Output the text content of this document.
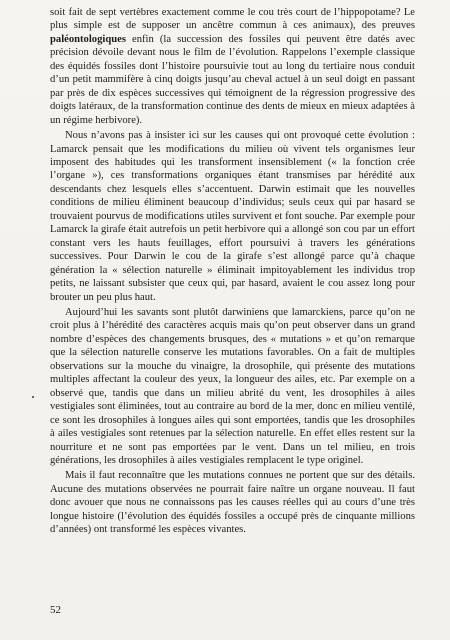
soit fait de sept vertèbres exactement comme le cou très court de l’hippopotame? Le plus simple est de supposer un ancêtre commun à ces animaux), des preuves paléontologiques enfin (la succession des fossiles qui peuvent être datés avec précision dévoile devant nous le film de l’évolution. Rappelons l’exemple classique des équidés fossiles dont l’histoire poursuivie tout au long du tertiaire nous conduit d’un petit mammifère à cinq doigts jusqu’au cheval actuel à un seul doigt en passant par près de dix espèces successives qui témoignent de la régression progressive des doigts latéraux, de la transformation continue des dents de mieux en mieux adaptées à un régime herbivore).

Nous n’avons pas à insister ici sur les causes qui ont provoqué cette évolution : Lamarck pensait que les modifications du milieu où vivent tels organismes leur imposent des habitudes qui les transforment insensiblement (« la fonction crée l’organe »), ces transformations organiques étant transmises par hérédité aux descendants chez lesquels elles s’accentuent. Darwin estimait que les nouvelles conditions de milieu éliminent beaucoup d’individus; seuls ceux qui par hasard se trouvaient pourvus de modifications utiles survivent et font souche. Par exemple pour Lamarck la girafe était autrefois un petit herbivore qui a allongé son cou par un effort constant vers les hauts feuillages, effort poursuivi à travers les générations successives. Pour Darwin le cou de la girafe s’est allongé parce qu’à chaque génération la « sélection naturelle » éliminait impitoyablement les individus trop petits, ne laissant subsister que ceux qui, par hasard, avaient le cou assez long pour brouter un peu plus haut.

Aujourd’hui les savants sont plutôt darwiniens que lamarckiens, parce qu’on ne croit plus à l’hérédité des caractères acquis mais qu’on peut observer dans un grand nombre d’espèces des changements brusques, des « mutations » et qu’on remarque que la sélection naturelle conserve les mutations favorables. On a fait de multiples observations sur la mouche du vinaigre, la drosophile, qui présente des mutations multiples affectant la couleur des yeux, la longueur des ailes, etc. Par exemple on a observé que, tandis que dans un milieu abrité du vent, les drosophiles à ailes vestigiales sont éliminées, tout au contraire au bord de la mer, donc en milieu ventilé, ce sont les drosophiles à longues ailes qui sont emportées, tandis que les drosophiles à ailes vestigiales sont retenues par la sélection naturelle. En effet elles restent sur la nourriture et ne sont pas emportées par le vent. Dans un tel milieu, en trois générations, les drosophiles à ailes vestigiales remplacent le type originel.

Mais il faut reconnaître que les mutations connues ne portent que sur des détails. Aucune des mutations observées ne pourrait faire naître un organe nouveau. Il faut donc avouer que nous ne connaissons pas les causes réelles qui au cours d’une très longue histoire (l’évolution des équidés fossiles a occupé près de cinquante millions d’années) ont transformé les espèces vivantes.

52
